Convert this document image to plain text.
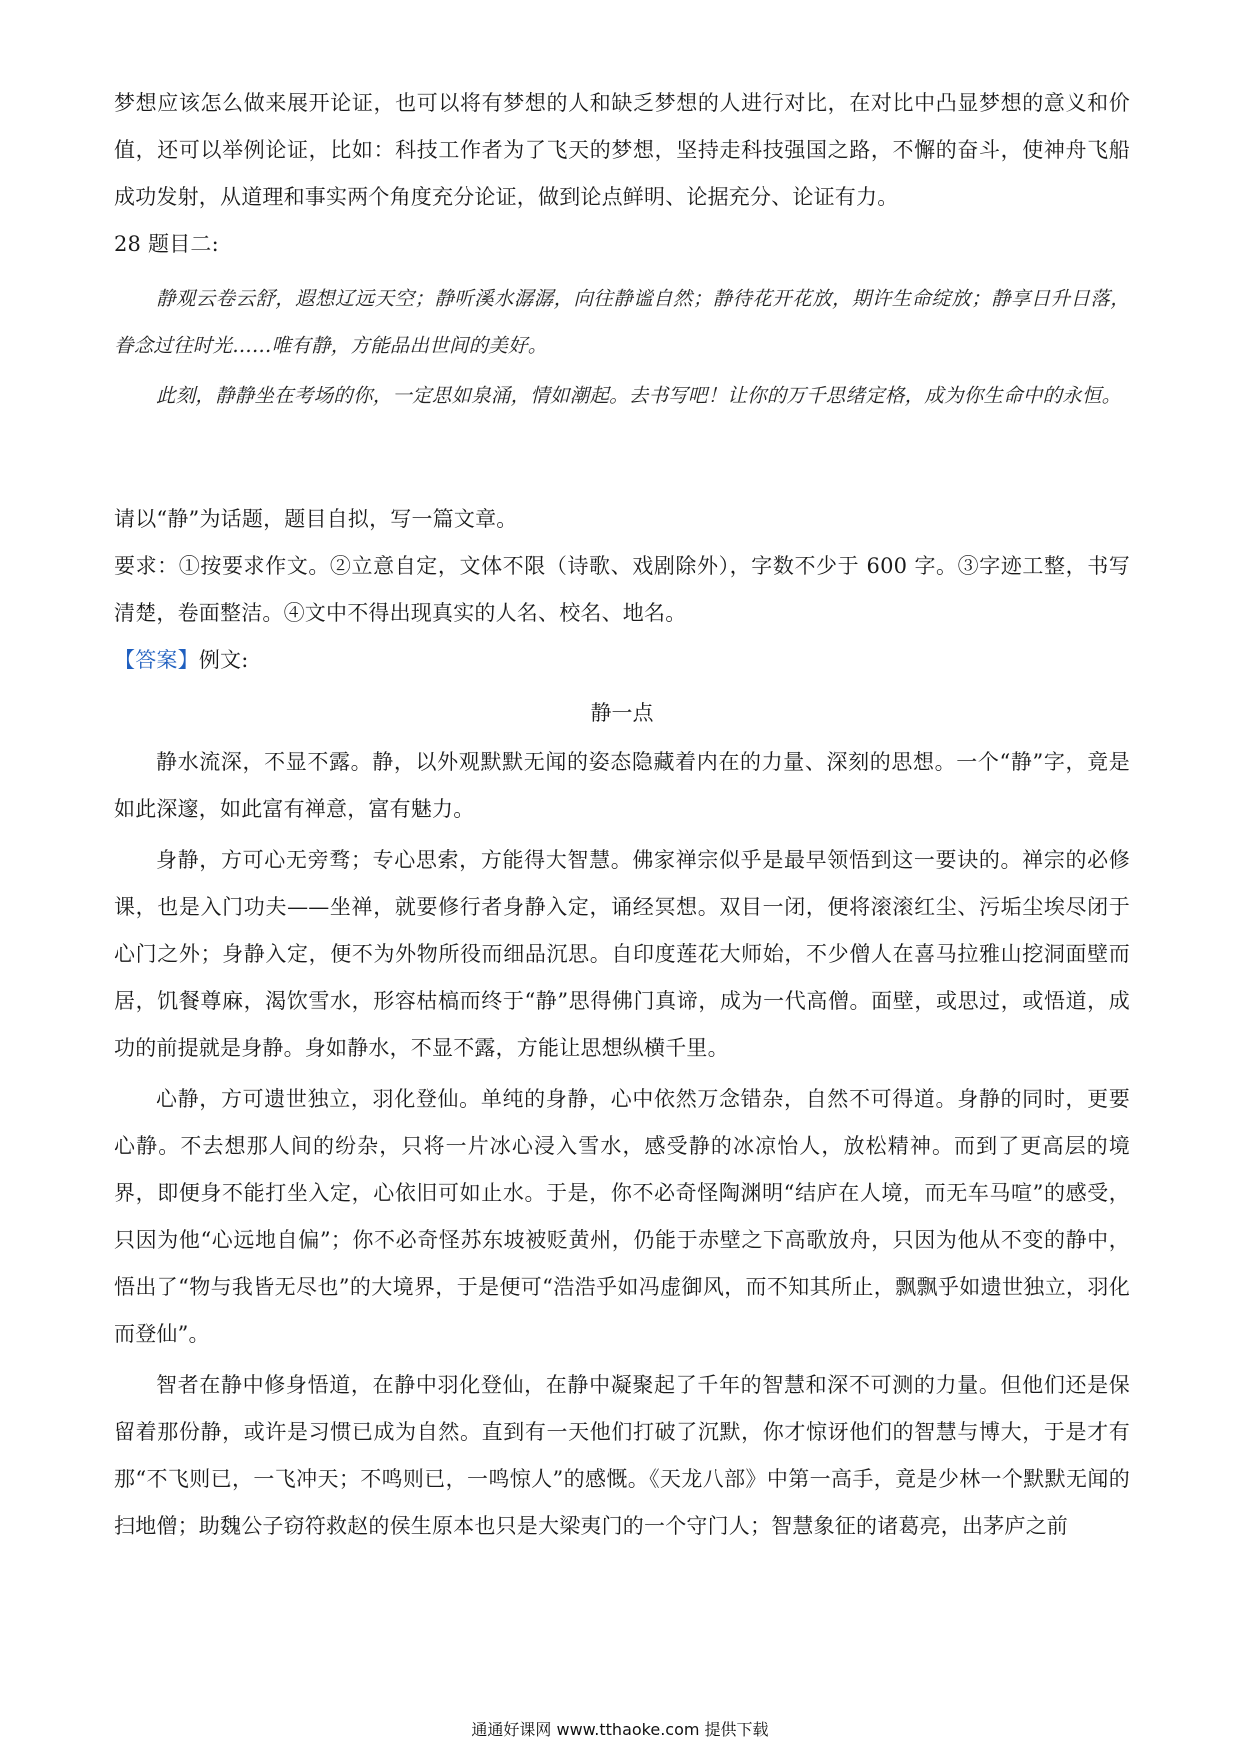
梦想应该怎么做来展开论证，也可以将有梦想的人和缺乏梦想的人进行对比，在对比中凸显梦想的意义和价值，还可以举例论证，比如：科技工作者为了飞天的梦想，坚持走科技强国之路，不懈的奋斗，使神舟飞船成功发射，从道理和事实两个角度充分论证，做到论点鲜明、论据充分、论证有力。

28 题目二:

静观云卷云舒，遐想辽远天空；静听溪水潺潺，向往静谧自然；静待花开花放，期许生命绽放；静享日升日落，眷念过往时光……唯有静，方能品出世间的美好。

此刻，静静坐在考场的你，一定思如泉涌，情如潮起。去书写吧！让你的万千思绪定格，成为你生命中的永恒。

请以“静”为话题，题目自拟，写一篇文章。

要求：①按要求作文。②立意自定，文体不限（诗歌、戏剧除外），字数不少于 600 字。③字迹工整，书写清楚，卷面整洁。④文中不得出现真实的人名、校名、地名。

【答案】例文:

静一点

静水流深，不显不露。静，以外观默默无闻的姿态隐藏着内在的力量、深刻的思想。一个“静”字，竟是如此深邃，如此富有禅意，富有魅力。

身静，方可心无旁骛；专心思索，方能得大智慧。佛家禅宗似乎是最早领悟到这一要诀的。禅宗的必修课，也是入门功夫——坐禅，就要修行者身静入定，诵经冥想。双目一闭，便将滚滚红尘、污垢尘埃尽闭于心门之外；身静入定，便不为外物所役而细品沉思。自印度莲花大师始，不少僧人在喜马拉雅山挖洞面壁而居，饥餐尊麻，渴饮雪水，形容枯槁而终于“静”思得佛门真谛，成为一代高僧。面壁，或思过，或悟道，成功的前提就是身静。身如静水，不显不露，方能让思想纵横千里。

心静，方可遗世独立，羽化登仙。单纯的身静，心中依然万念错杂，自然不可得道。身静的同时，更要心静。不去想那人间的纷杂，只将一片冰心浸入雪水，感受静的冰凉怡人，放松精神。而到了更高层的境界，即便身不能打坐入定，心依旧可如止水。于是，你不必奇怪陶渊明“结庐在人境，而无车马喧”的感受，只因为他“心远地自偏”；你不必奇怪苏东坡被贬黄州，仍能于赤壁之下高歌放舟，只因为他从不变的静中，悟出了“物与我皆无尽也”的大境界，于是便可“浩浩乎如冯虚御风，而不知其所止，飘飘乎如遗世独立，羽化而登仙”。

智者在静中修身悟道，在静中羽化登仙，在静中凝聚起了千年的智慧和深不可测的力量。但他们还是保留着那份静，或许是习惯已成为自然。直到有一天他们打破了沉默，你才惊讶他们的智慧与博大，于是才有那“不飞则已，一飞冲天；不鸣则已，一鸣惊人”的感慨。《天龙八部》中第一高手，竟是少林一个默默无闻的扫地僧；助魏公子窃符救赵的侯生原本也只是大梁夷门的一个守门人；智慧象征的诸葛亮，出茅庐之前

通通好课网 www.tthaoke.com 提供下载
